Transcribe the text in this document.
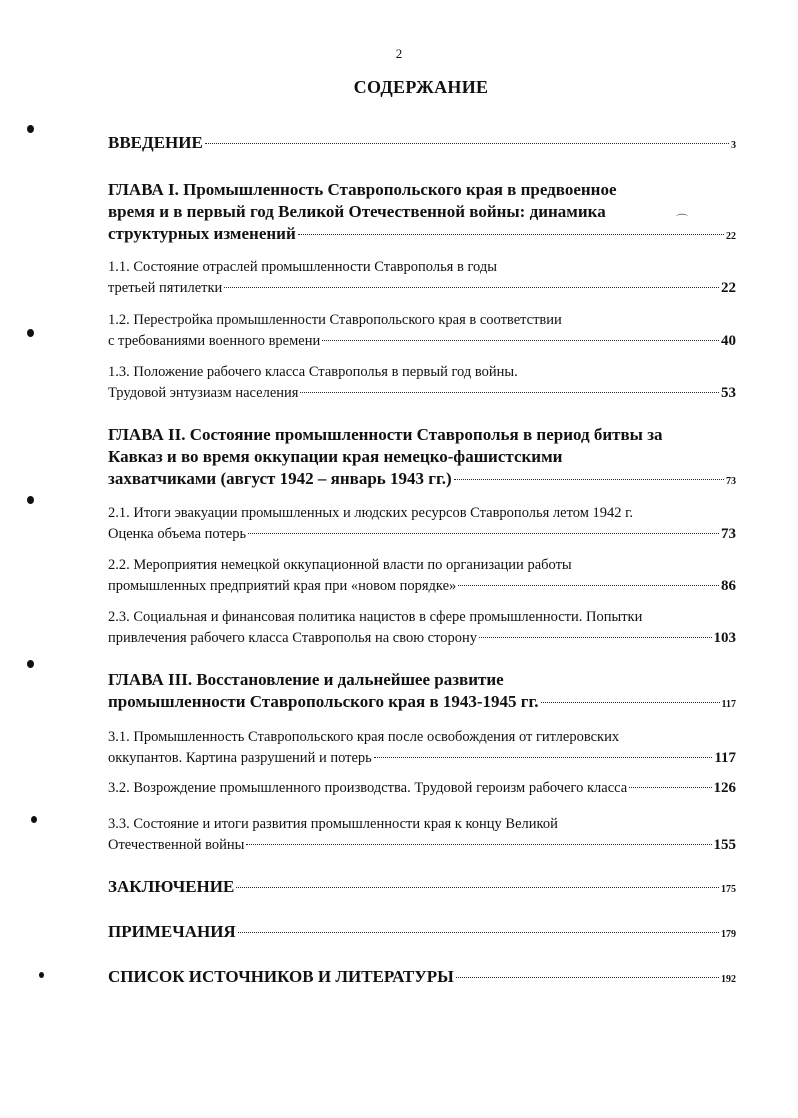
2
СОДЕРЖАНИЕ
⌒
ВВЕДЕНИЕ	3
ГЛАВА I. Промышленность Ставропольского края в предвоенное
время и в первый год Великой Отечественной войны: динамика
структурных изменений	22
1.1. Состояние отраслей промышленности Ставрополья в годы
третьей пятилетки	22
1.2. Перестройка промышленности Ставропольского края в соответствии
с требованиями военного времени	40
1.3. Положение рабочего класса Ставрополья в первый год войны.
Трудовой энтузиазм населения	53
ГЛАВА II. Состояние промышленности Ставрополья в период битвы за
Кавказ и во время оккупации края немецко-фашистскими
захватчиками (август 1942 – январь 1943 гг.)	73
2.1. Итоги эвакуации промышленных и людских ресурсов Ставрополья летом 1942 г.
Оценка объема потерь	73
2.2. Мероприятия немецкой оккупационной власти по организации работы
промышленных предприятий края при «новом порядке»	86
2.3. Социальная и финансовая политика нацистов в сфере промышленности. Попытки
привлечения рабочего класса Ставрополья на свою сторону	103
ГЛАВА III. Восстановление и дальнейшее развитие
промышленности Ставропольского края в 1943-1945 гг.	117
3.1. Промышленность Ставропольского края после освобождения от гитлеровских
оккупантов. Картина разрушений и потерь	117
3.2. Возрождение промышленного производства. Трудовой героизм рабочего класса	126
3.3. Состояние и итоги развития промышленности края к концу Великой
Отечественной войны	155
ЗАКЛЮЧЕНИЕ	175
ПРИМЕЧАНИЯ	179
СПИСОК ИСТОЧНИКОВ И ЛИТЕРАТУРЫ	192
